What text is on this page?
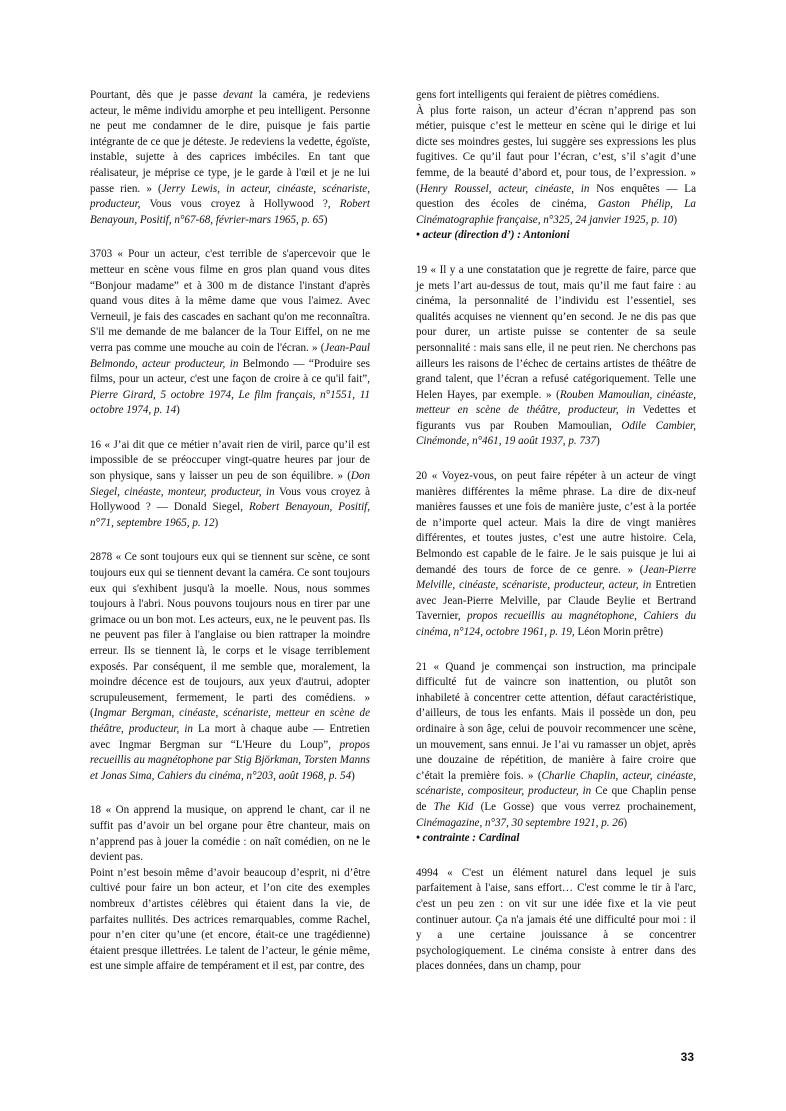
Pourtant, dès que je passe devant la caméra, je redeviens acteur, le même individu amorphe et peu intelligent. Personne ne peut me condamner de le dire, puisque je fais partie intégrante de ce que je déteste. Je redeviens la vedette, égoïste, instable, sujette à des caprices imbéciles. En tant que réalisateur, je méprise ce type, je le garde à l'œil et je ne lui passe rien. » (Jerry Lewis, in acteur, cinéaste, scénariste, producteur, Vous vous croyez à Hollywood ?, Robert Benayoun, Positif, n°67-68, février-mars 1965, p. 65)

3703 « Pour un acteur, c'est terrible de s'apercevoir que le metteur en scène vous filme en gros plan quand vous dites “Bonjour madame” et à 300 m de distance l'instant d'après quand vous dites à la même dame que vous l'aimez. Avec Verneuil, je fais des cascades en sachant qu'on me reconnaîtra. S'il me demande de me balancer de la Tour Eiffel, on ne me verra pas comme une mouche au coin de l'écran. » (Jean-Paul Belmondo, acteur producteur, in Belmondo — “Produire ses films, pour un acteur, c'est une façon de croire à ce qu'il fait”, Pierre Girard, 5 octobre 1974, Le film français, n°1551, 11 octobre 1974, p. 14)

16 « J’ai dit que ce métier n’avait rien de viril, parce qu’il est impossible de se préoccuper vingt-quatre heures par jour de son physique, sans y laisser un peu de son équilibre. » (Don Siegel, cinéaste, monteur, producteur, in Vous vous croyez à Hollywood ? — Donald Siegel, Robert Benayoun, Positif, n°71, septembre 1965, p. 12)

2878 « Ce sont toujours eux qui se tiennent sur scène, ce sont toujours eux qui se tiennent devant la caméra. Ce sont toujours eux qui s'exhibent jusqu'à la moelle. Nous, nous sommes toujours à l'abri. Nous pouvons toujours nous en tirer par une grimace ou un bon mot. Les acteurs, eux, ne le peuvent pas. Ils ne peuvent pas filer à l'anglaise ou bien rattraper la moindre erreur. Ils se tiennent là, le corps et le visage terriblement exposés. Par conséquent, il me semble que, moralement, la moindre décence est de toujours, aux yeux d'autrui, adopter scrupuleusement, fermement, le parti des comédiens. » (Ingmar Bergman, cinéaste, scénariste, metteur en scène de théâtre, producteur, in La mort à chaque aube — Entretien avec Ingmar Bergman sur “L'Heure du Loup”, propos recueillis au magnétophone par Stig Björkman, Torsten Manns et Jonas Sima, Cahiers du cinéma, n°203, août 1968, p. 54)

18 « On apprend la musique, on apprend le chant, car il ne suffit pas d’avoir un bel organe pour être chanteur, mais on n’apprend pas à jouer la comédie : on naît comédien, on ne le devient pas.

Point n’est besoin même d’avoir beaucoup d’esprit, ni d’être cultivé pour faire un bon acteur, et l’on cite des exemples nombreux d’artistes célèbres qui étaient dans la vie, de parfaites nullités. Des actrices remarquables, comme Rachel, pour n’en citer qu’une (et encore, était-ce une tragédienne) étaient presque illettrées. Le talent de l’acteur, le génie même, est une simple affaire de tempérament et il est, par contre, des

gens fort intelligents qui feraient de piètres comédiens.

À plus forte raison, un acteur d’écran n’apprend pas son métier, puisque c’est le metteur en scène qui le dirige et lui dicte ses moindres gestes, lui suggère ses expressions les plus fugitives. Ce qu’il faut pour l’écran, c’est, s’il s’agit d’une femme, de la beauté d’abord et, pour tous, de l’expression. » (Henry Roussel, acteur, cinéaste, in Nos enquêtes — La question des écoles de cinéma, Gaston Phélip, La Cinématographie française, n°325, 24 janvier 1925, p. 10)

• acteur (direction d’) : Antonioni

19 « Il y a une constatation que je regrette de faire, parce que je mets l’art au-dessus de tout, mais qu’il me faut faire : au cinéma, la personnalité de l’individu est l’essentiel, ses qualités acquises ne viennent qu’en second. Je ne dis pas que pour durer, un artiste puisse se contenter de sa seule personnalité : mais sans elle, il ne peut rien. Ne cherchons pas ailleurs les raisons de l’échec de certains artistes de théâtre de grand talent, que l’écran a refusé catégoriquement. Telle une Helen Hayes, par exemple. » (Rouben Mamoulian, cinéaste, metteur en scène de théâtre, producteur, in Vedettes et figurants vus par Rouben Mamoulian, Odile Cambier, Cinémonde, n°461, 19 août 1937, p. 737)

20 « Voyez-vous, on peut faire répéter à un acteur de vingt manières différentes la même phrase. La dire de dix-neuf manières fausses et une fois de manière juste, c’est à la portée de n’importe quel acteur. Mais la dire de vingt manières différentes, et toutes justes, c’est une autre histoire. Cela, Belmondo est capable de le faire. Je le sais puisque je lui ai demandé des tours de force de ce genre. » (Jean-Pierre Melville, cinéaste, scénariste, producteur, acteur, in Entretien avec Jean-Pierre Melville, par Claude Beylie et Bertrand Tavernier, propos recueillis au magnétophone, Cahiers du cinéma, n°124, octobre 1961, p. 19, Léon Morin prêtre)

21 « Quand je commençai son instruction, ma principale difficulté fut de vaincre son inattention, ou plutôt son inhabileté à concentrer cette attention, défaut caractéristique, d’ailleurs, de tous les enfants. Mais il possède un don, peu ordinaire à son âge, celui de pouvoir recommencer une scène, un mouvement, sans ennui. Je l’ai vu ramasser un objet, après une douzaine de répétition, de manière à faire croire que c’était la première fois. » (Charlie Chaplin, acteur, cinéaste, scénariste, compositeur, producteur, in Ce que Chaplin pense de The Kid (Le Gosse) que vous verrez prochainement, Cinémagazine, n°37, 30 septembre 1921, p. 26)

• contrainte : Cardinal

4994 « C'est un élément naturel dans lequel je suis parfaitement à l'aise, sans effort… C'est comme le tir à l'arc, c'est un peu zen : on vit sur une idée fixe et la vie peut continuer autour. Ça n'a jamais été une difficulté pour moi : il y a une certaine jouissance à se concentrer psychologiquement. Le cinéma consiste à entrer dans des places données, dans un champ, pour

33
